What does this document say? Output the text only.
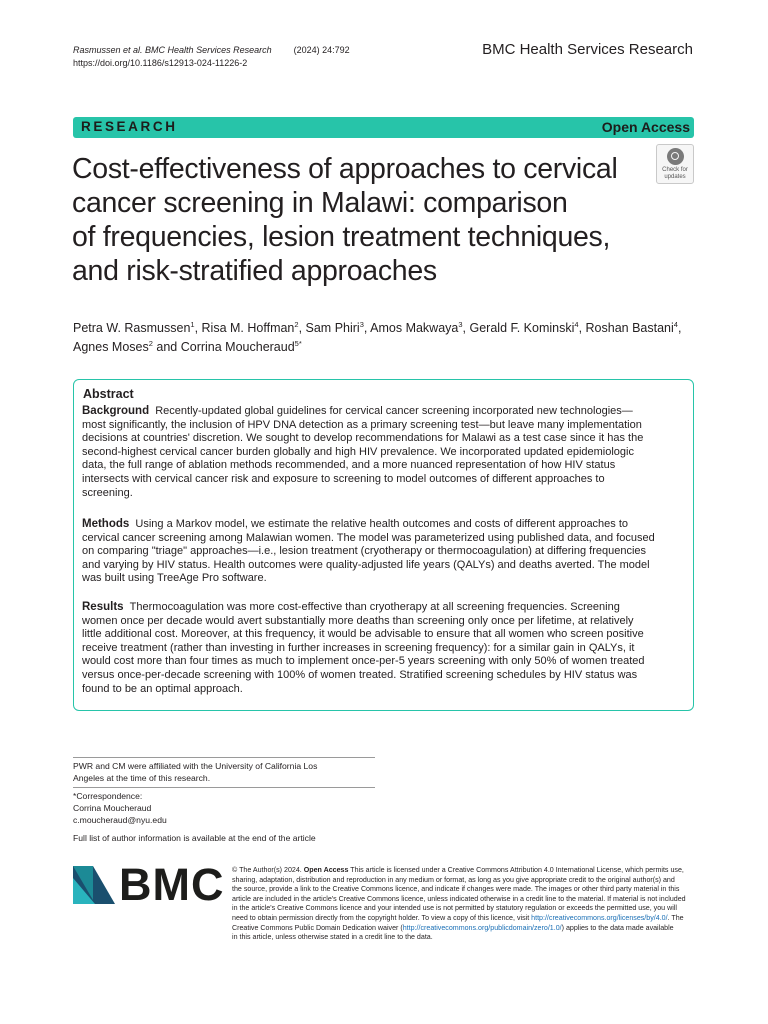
Rasmussen et al. BMC Health Services Research (2024) 24:792
https://doi.org/10.1186/s12913-024-11226-2
BMC Health Services Research
RESEARCH	Open Access
Check for
updates
Cost-effectiveness of approaches to cervical
cancer screening in Malawi: comparison
of frequencies, lesion treatment techniques,
and risk-stratified approaches
Petra W. Rasmussen$^1$, Risa M. Hoffman$^2$, Sam Phiri$^3$, Amos Makwaya$^3$, Gerald F. Kominski$^4$, Roshan Bastani$^4$,
Agnes Moses$^2$ and Corrina Moucheraud$^{5*}$
Abstract
Background Recently-updated global guidelines for cervical cancer screening incorporated new technologies—
most significantly, the inclusion of HPV DNA detection as a primary screening test—but leave many implementation
decisions at countries' discretion. We sought to develop recommendations for Malawi as a test case since it has the
second-highest cervical cancer burden globally and high HIV prevalence. We incorporated updated epidemiologic
data, the full range of ablation methods recommended, and a more nuanced representation of how HIV status
intersects with cervical cancer risk and exposure to screening to model outcomes of different approaches to
screening.
Methods Using a Markov model, we estimate the relative health outcomes and costs of different approaches to
cervical cancer screening among Malawian women. The model was parameterized using published data, and focused
on comparing "triage" approaches—i.e., lesion treatment (cryotherapy or thermocoagulation) at differing frequencies
and varying by HIV status. Health outcomes were quality-adjusted life years (QALYs) and deaths averted. The model
was built using TreeAge Pro software.
Results Thermocoagulation was more cost-effective than cryotherapy at all screening frequencies. Screening
women once per decade would avert substantially more deaths than screening only once per lifetime, at relatively
little additional cost. Moreover, at this frequency, it would be advisable to ensure that all women who screen positive
receive treatment (rather than investing in further increases in screening frequency): for a similar gain in QALYs, it
would cost more than four times as much to implement once-per-5 years screening with only 50% of women treated
versus once-per-decade screening with 100% of women treated. Stratified screening schedules by HIV status was
found to be an optimal approach.
PWR and CM were affiliated with the University of California Los
Angeles at the time of this research.
*Correspondence:
Corrina Moucheraud
c.moucheraud@nyu.edu
Full list of author information is available at the end of the article
BMC © The Author(s) 2024. Open Access This article is licensed under a Creative Commons Attribution 4.0 International License, which permits use,
sharing, adaptation, distribution and reproduction in any medium or format, as long as you give appropriate credit to the original author(s) and
the source, provide a link to the Creative Commons licence, and indicate if changes were made. The images or other third party material in this
article are included in the article's Creative Commons licence, unless indicated otherwise in a credit line to the material. If material is not included
in the article's Creative Commons licence and your intended use is not permitted by statutory regulation or exceeds the permitted use, you will
need to obtain permission directly from the copyright holder. To view a copy of this licence, visit http://creativecommons.org/licenses/by/4.0/. The
Creative Commons Public Domain Dedication waiver (http://creativecommons.org/publicdomain/zero/1.0/) applies to the data made available
in this article, unless otherwise stated in a credit line to the data.
